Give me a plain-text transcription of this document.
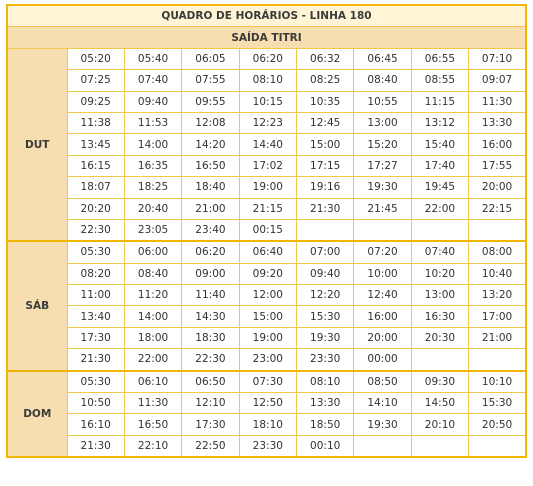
QUADRO DE HORÁRIOS - LINHA 180								
SAÍDA TITRI								
DUT	05:20	05:40	06:05	06:20	06:32	06:45	06:55	07:10
	07:25	07:40	07:55	08:10	08:25	08:40	08:55	09:07
	09:25	09:40	09:55	10:15	10:35	10:55	11:15	11:30
	11:38	11:53	12:08	12:23	12:45	13:00	13:12	13:30
	13:45	14:00	14:20	14:40	15:00	15:20	15:40	16:00
	16:15	16:35	16:50	17:02	17:15	17:27	17:40	17:55
	18:07	18:25	18:40	19:00	19:16	19:30	19:45	20:00
	20:20	20:40	21:00	21:15	21:30	21:45	22:00	22:15
	22:30	23:05	23:40	00:15				
SÁB	05:30	06:00	06:20	06:40	07:00	07:20	07:40	08:00
	08:20	08:40	09:00	09:20	09:40	10:00	10:20	10:40
	11:00	11:20	11:40	12:00	12:20	12:40	13:00	13:20
	13:40	14:00	14:30	15:00	15:30	16:00	16:30	17:00
	17:30	18:00	18:30	19:00	19:30	20:00	20:30	21:00
	21:30	22:00	22:30	23:00	23:30	00:00		
DOM	05:30	06:10	06:50	07:30	08:10	08:50	09:30	10:10
	10:50	11:30	12:10	12:50	13:30	14:10	14:50	15:30
	16:10	16:50	17:30	18:10	18:50	19:30	20:10	20:50
	21:30	22:10	22:50	23:30	00:10			
